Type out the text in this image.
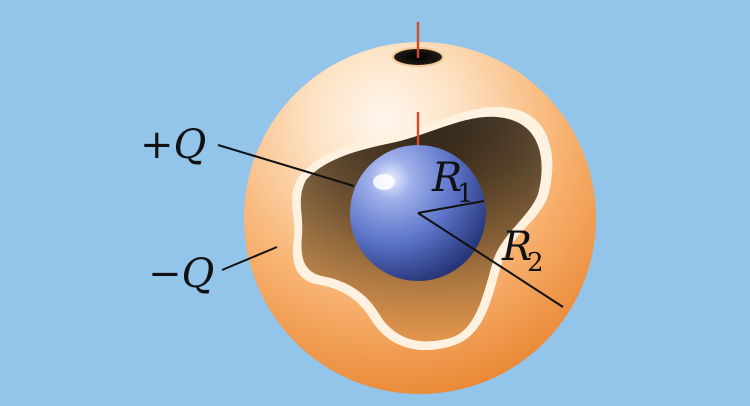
+Q
−Q
R
1
R
2
